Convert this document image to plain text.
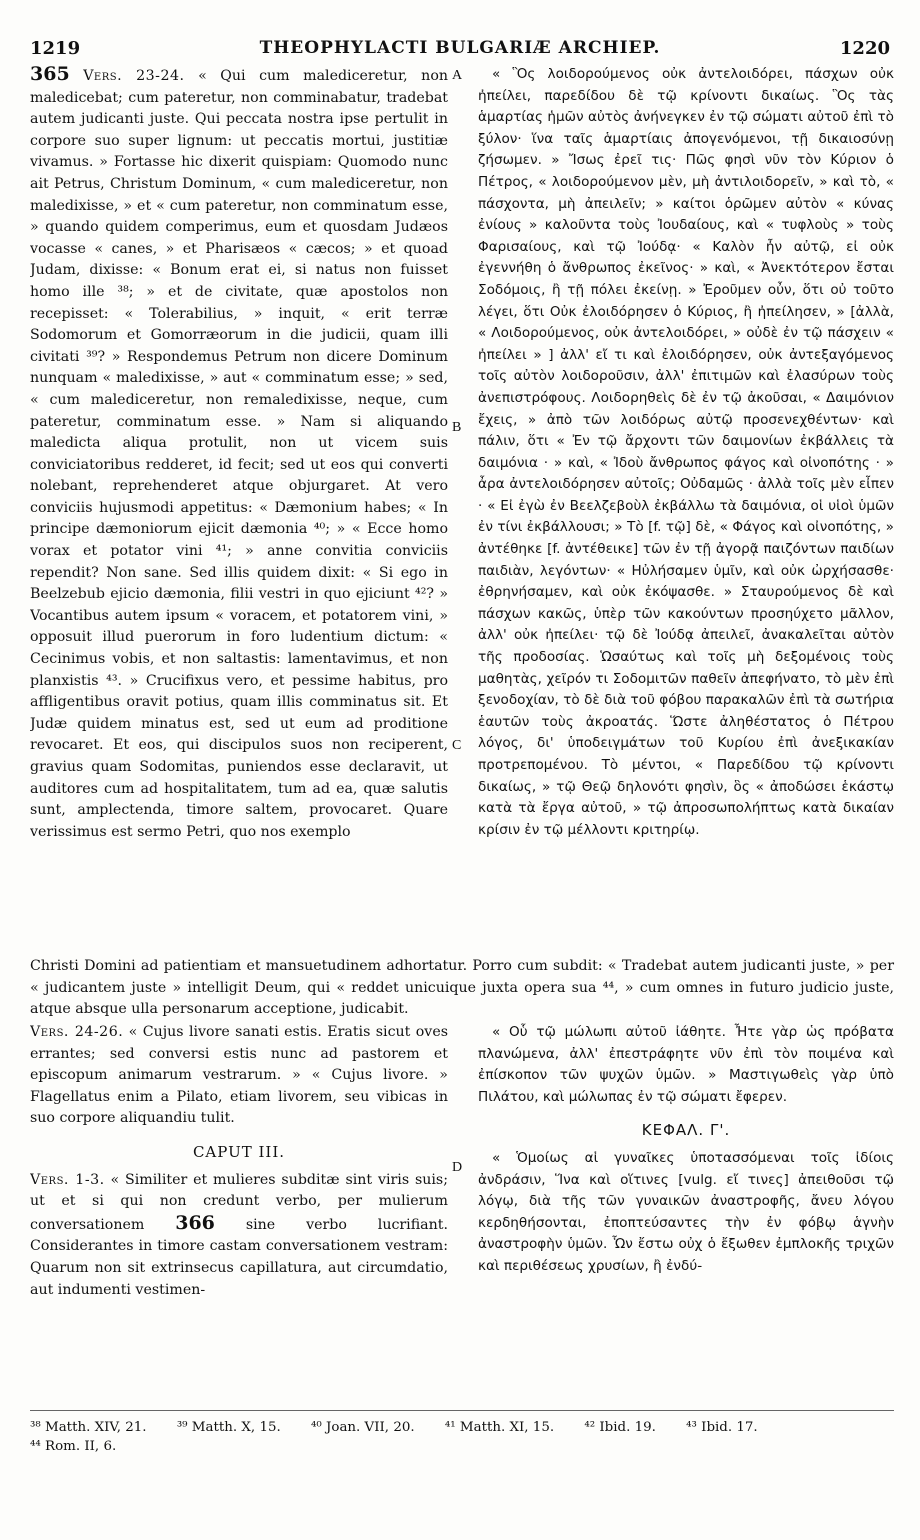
1219	THEOPHYLACTI BULGARIÆ ARCHIEP.	1220

365 Vers. 23-24. « Qui cum malediceretur, non maledicebat; cum pateretur, non comminabatur, tradebat autem judicanti juste. Qui peccata nostra ipse pertulit in corpore suo super lignum: ut peccatis mortui, justitiæ vivamus. » Fortasse hic dixerit quispiam: Quomodo nunc ait Petrus, Christum Dominum, « cum malediceretur, non maledixisse, » et « cum pateretur, non comminatum esse, » quando quidem comperimus, eum et quosdam Judæos vocasse « canes, » et Pharisæos « cæcos; » et quoad Judam, dixisse: « Bonum erat ei, si natus non fuisset homo ille ³⁸; » et de civitate, quæ apostolos non recepisset: « Tolerabilius, » inquit, « erit terræ Sodomorum et Gomorræorum in die judicii, quam illi civitati ³⁹? » Respondemus Petrum non dicere Dominum nunquam « maledixisse, » aut « comminatum esse; » sed, « cum malediceretur, non remaledixisse, neque, cum pateretur, comminatum esse. » Nam si aliquando maledicta aliqua protulit, non ut vicem suis conviciatoribus redderet, id fecit; sed ut eos qui converti nolebant, reprehenderet atque objurgaret. At vero conviciis hujusmodi appetitus: « Dæmonium habes; « In principe dæmoniorum ejicit dæmonia ⁴⁰; » « Ecce homo vorax et potator vini ⁴¹; » anne convitia conviciis rependit? Non sane. Sed illis quidem dixit: « Si ego in Beelzebub ejicio dæmonia, filii vestri in quo ejiciunt ⁴²? » Vocantibus autem ipsum « voracem, et potatorem vini, » opposuit illud puerorum in foro ludentium dictum: « Cecinimus vobis, et non saltastis: lamentavimus, et non planxistis ⁴³. » Crucifixus vero, et pessime habitus, pro affligentibus oravit potius, quam illis comminatus sit. Et Judæ quidem minatus est, sed ut eum ad proditione revocaret. Et eos, qui discipulos suos non reciperent, gravius quam Sodomitas, puniendos esse declaravit, ut auditores cum ad hospitalitatem, tum ad ea, quæ salutis sunt, amplectenda, timore saltem, provocaret. Quare verissimus est sermo Petri, quo nos exemplo

Christi Domini ad patientiam et mansuetudinem adhortatur. Porro cum subdit: « Tradebat autem judicanti juste, » per « judicantem juste » intelligit Deum, qui « reddet unicuique juxta opera sua ⁴⁴, » cum omnes in futuro judicio juste, atque absque ulla personarum acceptione, judicabit.

Vers. 24-26. « Cujus livore sanati estis. Eratis sicut oves errantes; sed conversi estis nunc ad pastorem et episcopum animarum vestrarum. » « Cujus livore. » Flagellatus enim a Pilato, etiam livorem, seu vibicas in suo corpore aliquandiu tulit.

CAPUT III.

Vers. 1-3. « Similiter et mulieres subditæ sint viris suis; ut et si qui non credunt verbo, per mulierum conversationem 366 sine verbo lucrifiant. Considerantes in timore castam conversationem vestram: Quarum non sit extrinsecus capillatura, aut circumdatio, aut indumenti vestimen-

« Ὃς λοιδορούμενος οὐκ ἀντελοιδόρει, πάσχων οὐκ ἠπείλει, παρεδίδου δὲ τῷ κρίνοντι δικαίως. Ὃς τὰς ἁμαρτίας ἡμῶν αὐτὸς ἀνήνεγκεν ἐν τῷ σώματι αὐτοῦ ἐπὶ τὸ ξύλον· ἵνα ταῖς ἁμαρτίαις ἀπογενόμενοι, τῇ δικαιοσύνῃ ζήσωμεν. » Ἴσως ἐρεῖ τις· Πῶς φησὶ νῦν τὸν Κύριον ὁ Πέτρος, « λοιδορούμενον μὲν, μὴ ἀντιλοιδορεῖν, » καὶ τὸ, « πάσχοντα, μὴ ἀπειλεῖν; » καίτοι ὁρῶμεν αὐτὸν « κύνας ἐνίους » καλοῦντα τοὺς Ἰουδαίους, καὶ « τυφλοὺς » τοὺς Φαρισαίους, καὶ τῷ Ἰούδᾳ· « Καλὸν ἦν αὐτῷ, εἰ οὐκ ἐγεννήθη ὁ ἄνθρωπος ἐκεῖνος· » καὶ, « Ἀνεκτότερον ἔσται Σοδόμοις, ἢ τῇ πόλει ἐκείνῃ. » Ἐροῦμεν οὖν, ὅτι οὐ τοῦτο λέγει, ὅτι Οὐκ ἐλοιδόρησεν ὁ Κύριος, ἢ ἠπείλησεν, » [ἀλλὰ, « Λοιδορούμενος, οὐκ ἀντελοιδόρει, » οὐδὲ ἐν τῷ πάσχειν « ἠπείλει » ] ἀλλ' εἴ τι καὶ ἐλοιδόρησεν, οὐκ ἀντεξαγόμενος τοῖς αὐτὸν λοιδοροῦσιν, ἀλλ' ἐπιτιμῶν καὶ ἐλασύρων τοὺς ἀνεπιστρόφους. Λοιδορηθεὶς δὲ ἐν τῷ ἀκοῦσαι, « Δαιμόνιον ἔχεις, » ἀπὸ τῶν λοιδόρως αὐτῷ προσενεχθέντων· καὶ πάλιν, ὅτι « Ἐν τῷ ἄρχοντι τῶν δαιμονίων ἐκβάλλεις τὰ δαιμόνια · » καὶ, « Ἰδοὺ ἄνθρωπος φάγος καὶ οἰνοπότης · » ἆρα ἀντελοιδόρησεν αὐτοῖς; Οὐδαμῶς · ἀλλὰ τοῖς μὲν εἶπεν · « Εἰ ἐγὼ ἐν Βεελζεβοὺλ ἐκβάλλω τὰ δαιμόνια, οἱ υἱοὶ ὑμῶν ἐν τίνι ἐκβάλλουσι; » Τὸ [f. τῷ] δὲ, « Φάγος καὶ οἰνοπότης, » ἀντέθηκε [f. ἀντέθεικε] τῶν ἐν τῇ ἀγορᾷ παιζόντων παιδίων παιδιὰν, λεγόντων· « Ηὐλήσαμεν ὑμῖν, καὶ οὐκ ὠρχήσασθε· ἐθρηνήσαμεν, καὶ οὐκ ἐκόψασθε. » Σταυρούμενος δὲ καὶ πάσχων κακῶς, ὑπὲρ τῶν κακούντων προσηύχετο μᾶλλον, ἀλλ' οὐκ ἠπείλει· τῷ δὲ Ἰούδᾳ ἀπειλεῖ, ἀνακαλεῖται αὐτὸν τῆς προδοσίας. Ὡσαύτως καὶ τοῖς μὴ δεξομένοις τοὺς μαθητὰς, χεῖρόν τι Σοδομιτῶν παθεῖν ἀπεφήνατο, τὸ μὲν ἐπὶ ξενοδοχίαν, τὸ δὲ διὰ τοῦ φόβου παρακαλῶν ἐπὶ τὰ σωτήρια ἑαυτῶν τοὺς ἀκροατάς. Ὥστε ἀληθέστατος ὁ Πέτρου λόγος, δι' ὑποδειγμάτων τοῦ Κυρίου ἐπὶ ἀνεξικακίαν προτρεπομένου. Τὸ μέντοι, « Παρεδίδου τῷ κρίνοντι δικαίως, » τῷ Θεῷ δηλονότι φησὶν, ὃς « ἀποδώσει ἑκάστῳ κατὰ τὰ ἔργα αὐτοῦ, » τῷ ἀπροσωπολήπτως κατὰ δικαίαν κρίσιν ἐν τῷ μέλλοντι κριτηρίῳ.

« Οὗ τῷ μώλωπι αὐτοῦ ἰάθητε. Ἦτε γὰρ ὡς πρόβατα πλανώμενα, ἀλλ' ἐπεστράφητε νῦν ἐπὶ τὸν ποιμένα καὶ ἐπίσκοπον τῶν ψυχῶν ὑμῶν. » Μαστιγωθεὶς γὰρ ὑπὸ Πιλάτου, καὶ μώλωπας ἐν τῷ σώματι ἔφερεν.

ΚΕΦΑΛ. Γ'.

« Ὁμοίως αἱ γυναῖκες ὑποτασσόμεναι τοῖς ἰδίοις ἀνδράσιν, Ἵνα καὶ οἵτινες [vulg. εἴ τινες] ἀπειθοῦσι τῷ λόγῳ, διὰ τῆς τῶν γυναικῶν ἀναστροφῆς, ἄνευ λόγου κερδηθήσονται, ἐποπτεύσαντες τὴν ἐν φόβῳ ἁγνὴν ἀναστροφὴν ὑμῶν. Ὧν ἔστω οὐχ ὁ ἔξωθεν ἐμπλοκῆς τριχῶν καὶ περιθέσεως χρυσίων, ἢ ἐνδύ-

A
B
C
D
³⁸ Matth. XIV, 21. ³⁹ Matth. X, 15. ⁴⁰ Joan. VII, 20. ⁴¹ Matth. XI, 15. ⁴² Ibid. 19. ⁴³ Ibid. 17.
⁴⁴ Rom. II, 6.
